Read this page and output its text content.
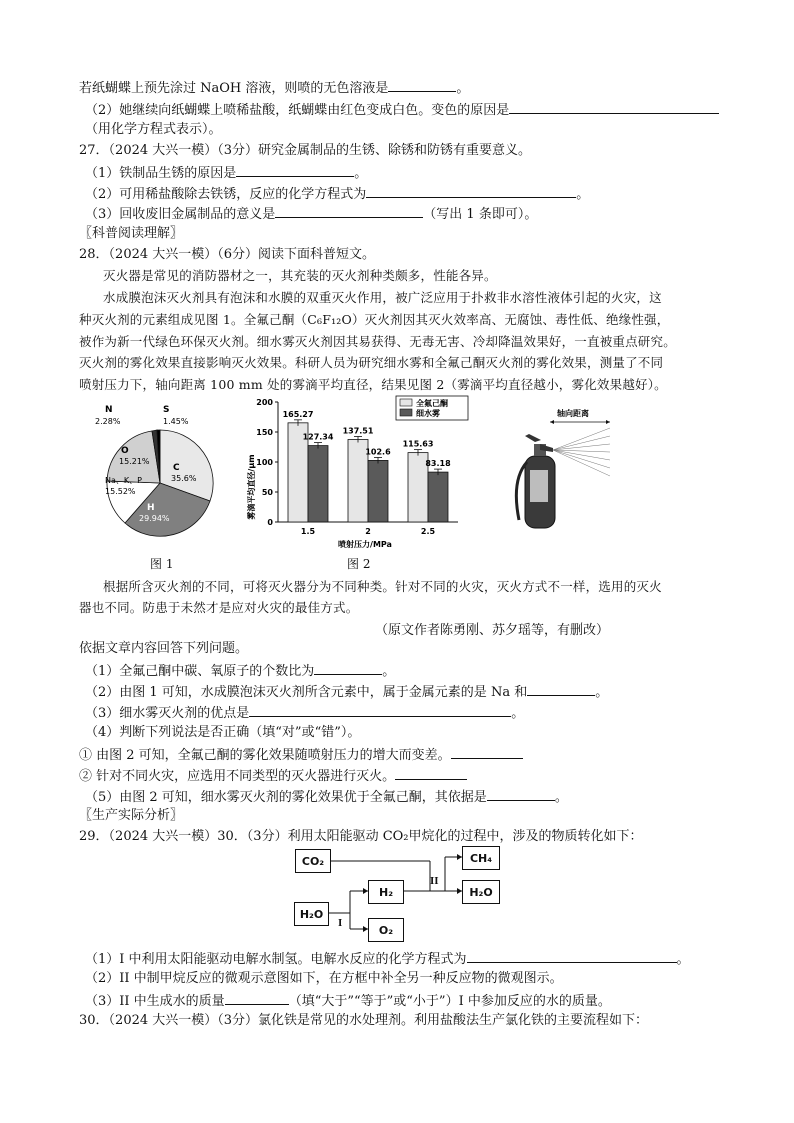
若纸蝴蝶上预先涂过 NaOH 溶液，则喷的无色溶液是	。
（2）她继续向纸蝴蝶上喷稀盐酸，纸蝴蝶由红色变成白色。变色的原因是
（用化学方程式表示）。
27．（2024 大兴一模）（3分）研究金属制品的生锈、除锈和防锈有重要意义。
（1）铁制品生锈的原因是	。
（2）可用稀盐酸除去铁锈，反应的化学方程式为	。
（3）回收废旧金属制品的意义是	（写出 1 条即可）。
〖科普阅读理解〗
28．（2024 大兴一模）（6分）阅读下面科普短文。
灭火器是常见的消防器材之一，其充装的灭火剂种类颇多，性能各异。
水成膜泡沫灭火剂具有泡沫和水膜的双重灭火作用，被广泛应用于扑救非水溶性液体引起的火灾，这
种灭火剂的元素组成见图 1。全氟己酮（C₆F₁₂O）灭火剂因其灭火效率高、无腐蚀、毒性低、绝缘性强，
被作为新一代绿色环保灭火剂。细水雾灭火剂因其易获得、无毒无害、冷却降温效果好，一直被重点研究。
灭火剂的雾化效果直接影响灭火效果。科研人员为研究细水雾和全氟己酮灭火剂的雾化效果，测量了不同
喷射压力下，轴向距离 100 mm 处的雾滴平均直径，结果见图 2（雾滴平均直径越小，雾化效果越好）。
N
2.28%
S
1.45%
O
15.21%
C
35.6%
Na、K、P
15.52%
H
29.94%	雾滴平均直径/μm
喷射压力/MPa
0
50
100
150
200
1.5
165.27
127.34
2
137.51
102.6
2.5
115.63
83.18
全氟己酮
细水雾	轴向距离
图 1	图 2
根据所含灭火剂的不同，可将灭火器分为不同种类。针对不同的火灾，灭火方式不一样，选用的灭火
器也不同。防患于未然才是应对火灾的最佳方式。
（原文作者陈勇刚、苏夕瑶等，有删改）
依据文章内容回答下列问题。
（1）全氟己酮中碳、氧原子的个数比为	。
（2）由图 1 可知，水成膜泡沫灭火剂所含元素中，属于金属元素的是 Na 和	。
（3）细水雾灭火剂的优点是	。
（4）判断下列说法是否正确（填“对”或“错”）。
① 由图 2 可知，全氟己酮的雾化效果随喷射压力的增大而变差。
② 针对不同火灾，应选用不同类型的灭火器进行灭火。
（5）由图 2 可知，细水雾灭火剂的雾化效果优于全氟己酮，其依据是	。
〖生产实际分析〗
29．（2024 大兴一模）30．（3分）利用太阳能驱动 CO₂甲烷化的过程中，涉及的物质转化如下：
CO₂
H₂
H₂O
O₂
CH₄
H₂O
I
II
（1）I 中利用太阳能驱动电解水制氢。电解水反应的化学方程式为	。
（2）II 中制甲烷反应的微观示意图如下，在方框中补全另一种反应物的微观图示。
（3）II 中生成水的质量	（填“大于”“等于”或“小于”）I 中参加反应的水的质量。
30．（2024 大兴一模）（3分）氯化铁是常见的水处理剂。利用盐酸法生产氯化铁的主要流程如下：
